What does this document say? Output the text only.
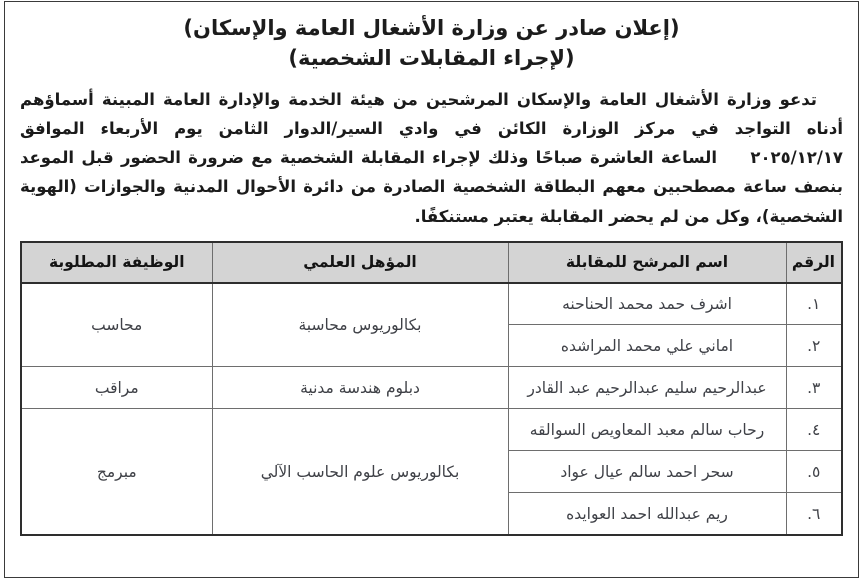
(إعلان صادر عن وزارة الأشغال العامة والإسكان)
(لإجراء المقابلات الشخصية)

تدعو وزارة الأشغال العامة والإسكان المرشحين من هيئة الخدمة والإدارة العامة المبينة أسماؤهم أدناه التواجد في مركز الوزارة الكائن في وادي السير/الدوار الثامن يوم الأربعاء الموافق ٢٠٢٥/١٢/١٧ الساعة العاشرة صباحًا وذلك لإجراء المقابلة الشخصية مع ضرورة الحضور قبل الموعد بنصف ساعة مصطحبين معهم البطاقة الشخصية الصادرة من دائرة الأحوال المدنية والجوازات (الهوية الشخصية)، وكل من لم يحضر المقابلة يعتبر مستنكفًا.

الرقم	اسم المرشح للمقابلة	المؤهل العلمي	الوظيفة المطلوبة
١.	اشرف حمد محمد الحناحنه	بكالوريوس محاسبة	محاسب
٢.	اماني علي محمد المراشده		
٣.	عبدالرحيم سليم عبدالرحيم عبد القادر	دبلوم هندسة مدنية	مراقب
٤.	رحاب سالم معبد المعاويص السوالقه	بكالوريوس علوم الحاسب الآلي	مبرمج
٥.	سحر احمد سالم عيال عواد		
٦.	ريم عبدالله احمد العوايده		
